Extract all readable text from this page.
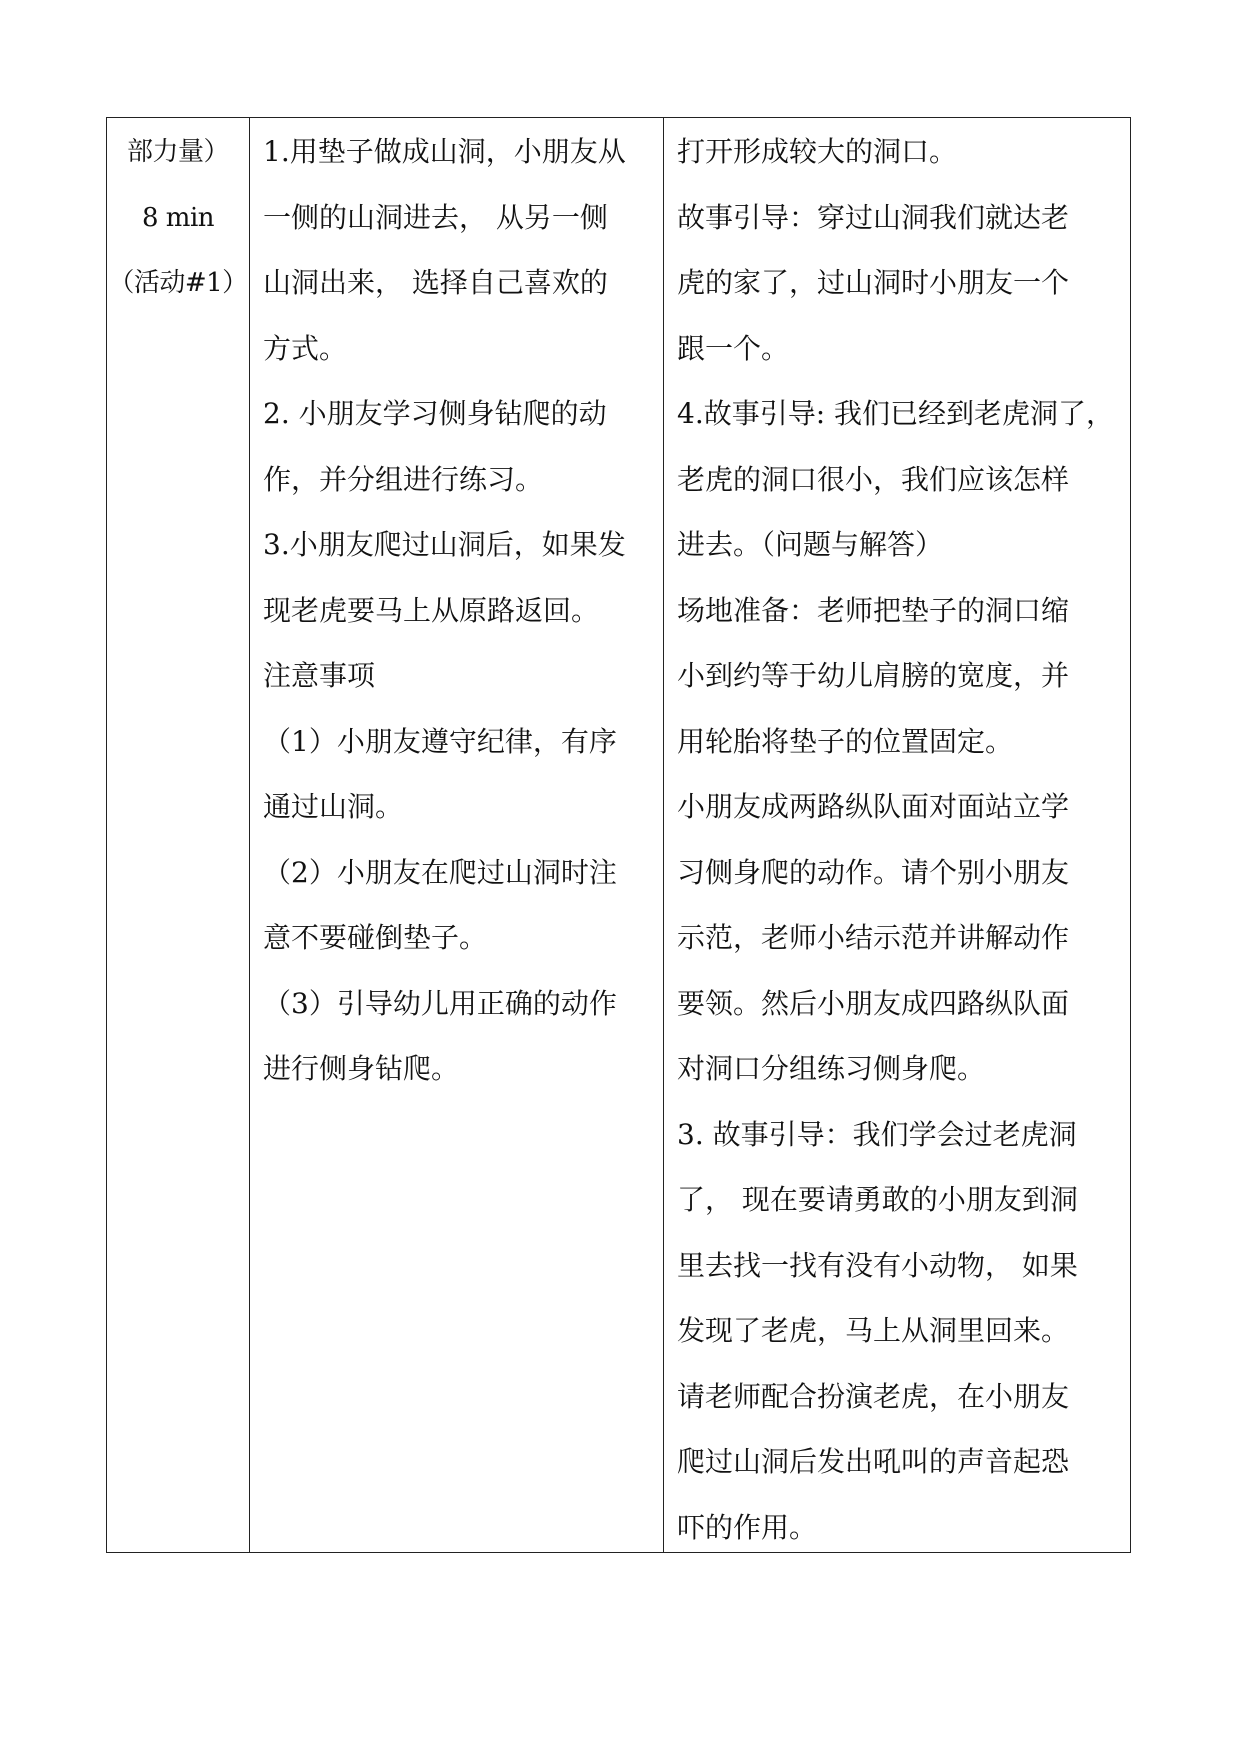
部力量）
8 min
（活动#1）
1.用垫子做成山洞，小朋友从
一侧的山洞进去， 从另一侧
山洞出来， 选择自己喜欢的
方式。
2. 小朋友学习侧身钻爬的动
作，并分组进行练习。
3.小朋友爬过山洞后，如果发
现老虎要马上从原路返回。
注意事项
（1）小朋友遵守纪律，有序
通过山洞。
（2）小朋友在爬过山洞时注
意不要碰倒垫子。
（3）引导幼儿用正确的动作
进行侧身钻爬。
打开形成较大的洞口。
故事引导：穿过山洞我们就达老
虎的家了，过山洞时小朋友一个
跟一个。
4.故事引导: 我们已经到老虎洞了，
老虎的洞口很小，我们应该怎样
进去。（问题与解答）
场地准备：老师把垫子的洞口缩
小到约等于幼儿肩膀的宽度，并
用轮胎将垫子的位置固定。
小朋友成两路纵队面对面站立学
习侧身爬的动作。请个别小朋友
示范，老师小结示范并讲解动作
要领。然后小朋友成四路纵队面
对洞口分组练习侧身爬。
3. 故事引导：我们学会过老虎洞
了， 现在要请勇敢的小朋友到洞
里去找一找有没有小动物， 如果
发现了老虎，马上从洞里回来。
请老师配合扮演老虎，在小朋友
爬过山洞后发出吼叫的声音起恐
吓的作用。
